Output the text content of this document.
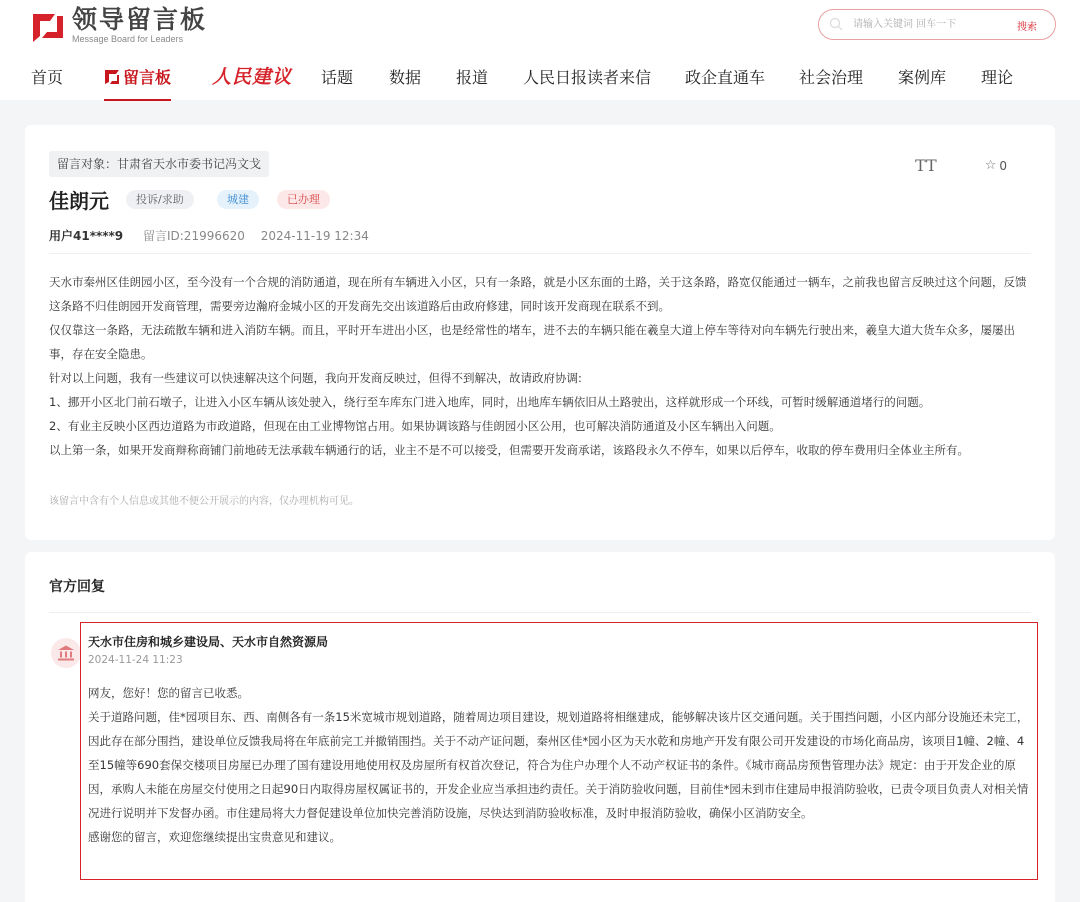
领导留言板
Message Board for Leaders
请输入关键词 回车一下
搜索
首页	留言板 人民建议 话题 数据 报道 人民日报读者来信 政企直通车 社会治理 案例库 理论
留言对象：甘肃省天水市委书记冯文戈	TT	☆ 0
佳朗元	投诉/求助	城建	已办理
用户41****9 留言ID:21996620 2024-11-19 12:34

天水市秦州区佳朗园小区，至今没有一个合规的消防通道，现在所有车辆进入小区，只有一条路，就是小区东面的土路，关于这条路，路宽仅能通过一辆车，之前我也留言反映过这个问题，反馈这条路不归佳朗园开发商管理，需要旁边瀚府金城小区的开发商先交出该道路后由政府修建，同时该开发商现在联系不到。

仅仅靠这一条路，无法疏散车辆和进入消防车辆。而且，平时开车进出小区，也是经常性的堵车，进不去的车辆只能在羲皇大道上停车等待对向车辆先行驶出来，羲皇大道大货车众多，屡屡出事，存在安全隐患。

针对以上问题，我有一些建议可以快速解决这个问题，我向开发商反映过，但得不到解决，故请政府协调:

1、挪开小区北门前石墩子，让进入小区车辆从该处驶入，绕行至车库东门进入地库，同时，出地库车辆依旧从土路驶出，这样就形成一个环线，可暂时缓解通道堵行的问题。

2、有业主反映小区西边道路为市政道路，但现在由工业博物馆占用。如果协调该路与佳朗园小区公用，也可解决消防通道及小区车辆出入问题。

以上第一条，如果开发商辩称商铺门前地砖无法承载车辆通行的话，业主不是不可以接受，但需要开发商承诺，该路段永久不停车，如果以后停车，收取的停车费用归全体业主所有。

该留言中含有个人信息或其他不便公开展示的内容，仅办理机构可见。
官方回复
天水市住房和城乡建设局、天水市自然资源局
2024-11-24 11:23

网友，您好！您的留言已收悉。

关于道路问题，佳*园项目东、西、南侧各有一条15米宽城市规划道路，随着周边项目建设，规划道路将相继建成，能够解决该片区交通问题。关于围挡问题，小区内部分设施还未完工，因此存在部分围挡，建设单位反馈我局将在年底前完工并撤销围挡。关于不动产证问题，秦州区佳*园小区为天水乾和房地产开发有限公司开发建设的市场化商品房，该项目1幢、2幢、4至15幢等690套保交楼项目房屋已办理了国有建设用地使用权及房屋所有权首次登记，符合为住户办理个人不动产权证书的条件。《城市商品房预售管理办法》规定：由于开发企业的原因，承购人未能在房屋交付使用之日起90日内取得房屋权属证书的，开发企业应当承担违约责任。关于消防验收问题，目前佳*园未到市住建局申报消防验收，已责令项目负责人对相关情况进行说明并下发督办函。市住建局将大力督促建设单位加快完善消防设施，尽快达到消防验收标准，及时申报消防验收，确保小区消防安全。

感谢您的留言，欢迎您继续提出宝贵意见和建议。
